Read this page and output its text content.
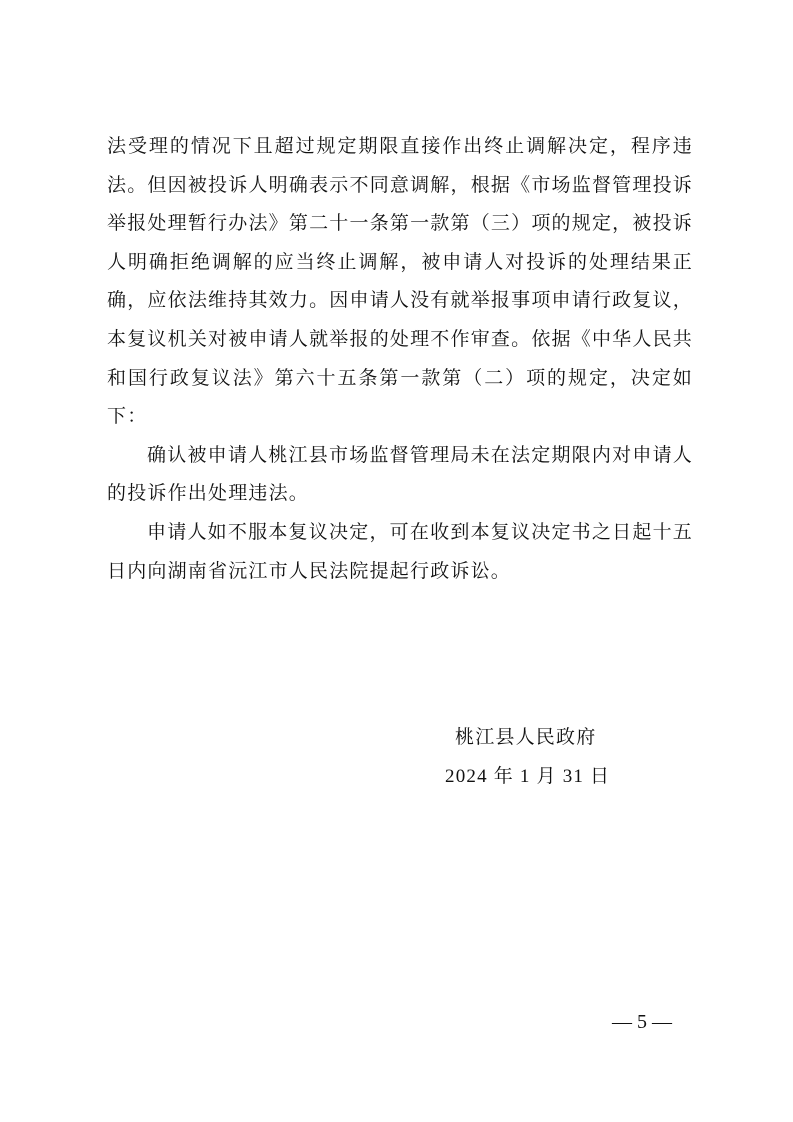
法受理的情况下且超过规定期限直接作出终止调解决定，程序违法。但因被投诉人明确表示不同意调解，根据《市场监督管理投诉举报处理暂行办法》第二十一条第一款第（三）项的规定，被投诉人明确拒绝调解的应当终止调解，被申请人对投诉的处理结果正确，应依法维持其效力。因申请人没有就举报事项申请行政复议，本复议机关对被申请人就举报的处理不作审查。依据《中华人民共和国行政复议法》第六十五条第一款第（二）项的规定，决定如下：

确认被申请人桃江县市场监督管理局未在法定期限内对申请人的投诉作出处理违法。

申请人如不服本复议决定，可在收到本复议决定书之日起十五日内向湖南省沅江市人民法院提起行政诉讼。

桃江县人民政府
2024 年 1 月 31 日
— 5 —
